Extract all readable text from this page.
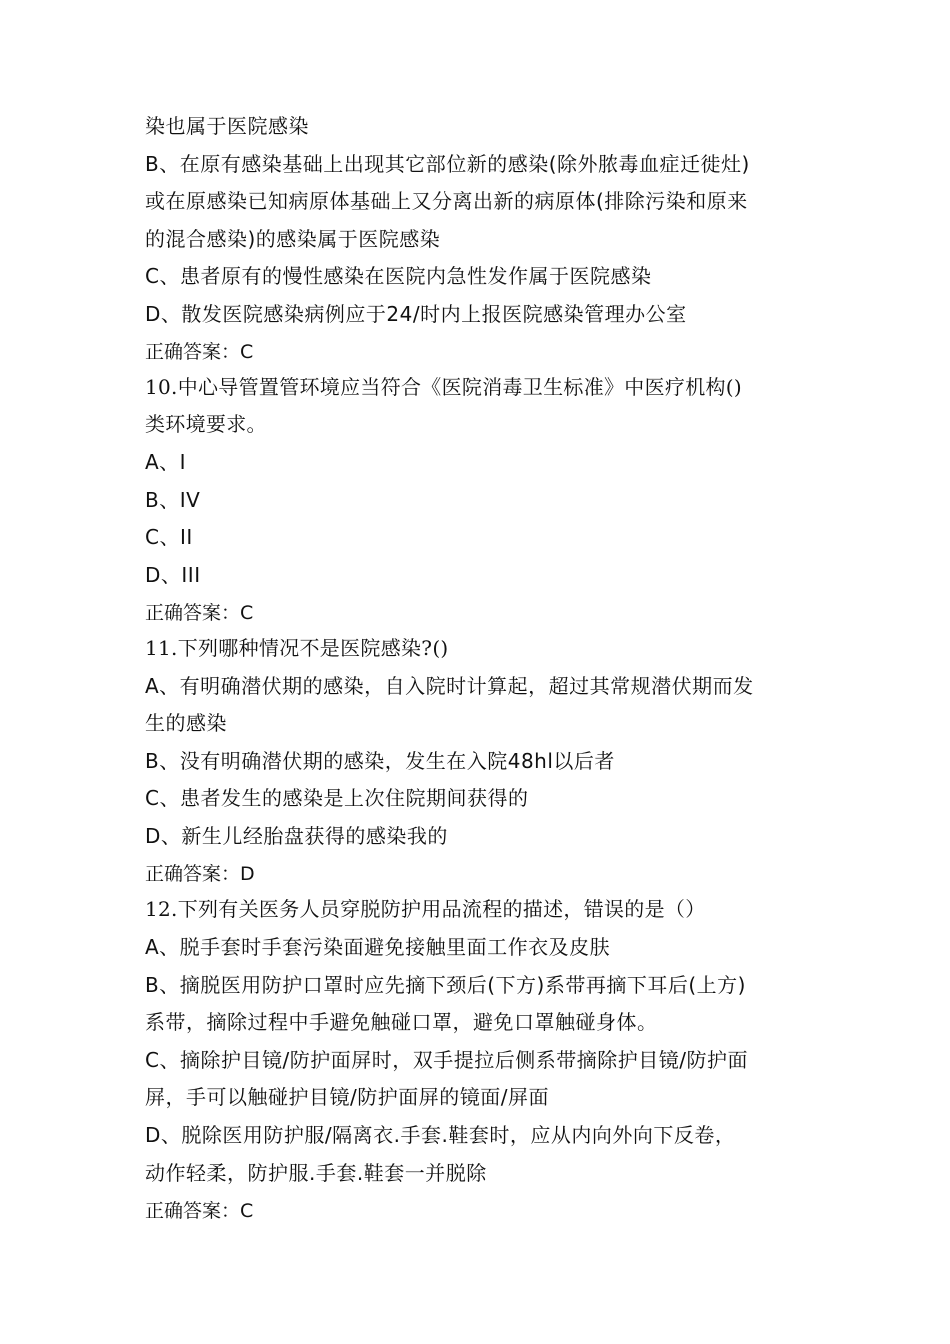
染也属于医院感染
B、在原有感染基础上出现其它部位新的感染(除外脓毒血症迁徙灶)
或在原感染已知病原体基础上又分离出新的病原体(排除污染和原来
的混合感染)的感染属于医院感染
C、患者原有的慢性感染在医院内急性发作属于医院感染
D、散发医院感染病例应于24/时内上报医院感染管理办公室
正确答案：C
10.中心导管置管环境应当符合《医院消毒卫生标准》中医疗机构()
类环境要求。
A、I
B、IV
C、II
D、III
正确答案：C
11.下列哪种情况不是医院感染?()
A、有明确潜伏期的感染，自入院时计算起，超过其常规潜伏期而发
生的感染
B、没有明确潜伏期的感染，发生在入院48hl以后者
C、患者发生的感染是上次住院期间获得的
D、新生儿经胎盘获得的感染我的
正确答案：D
12.下列有关医务人员穿脱防护用品流程的描述，错误的是（）
A、脱手套时手套污染面避免接触里面工作衣及皮肤
B、摘脱医用防护口罩时应先摘下颈后(下方)系带再摘下耳后(上方)
系带，摘除过程中手避免触碰口罩，避免口罩触碰身体。
C、摘除护目镜/防护面屏时，双手提拉后侧系带摘除护目镜/防护面
屏，手可以触碰护目镜/防护面屏的镜面/屏面
D、脱除医用防护服/隔离衣.手套.鞋套时，应从内向外向下反卷，
动作轻柔，防护服.手套.鞋套一并脱除
正确答案：C
